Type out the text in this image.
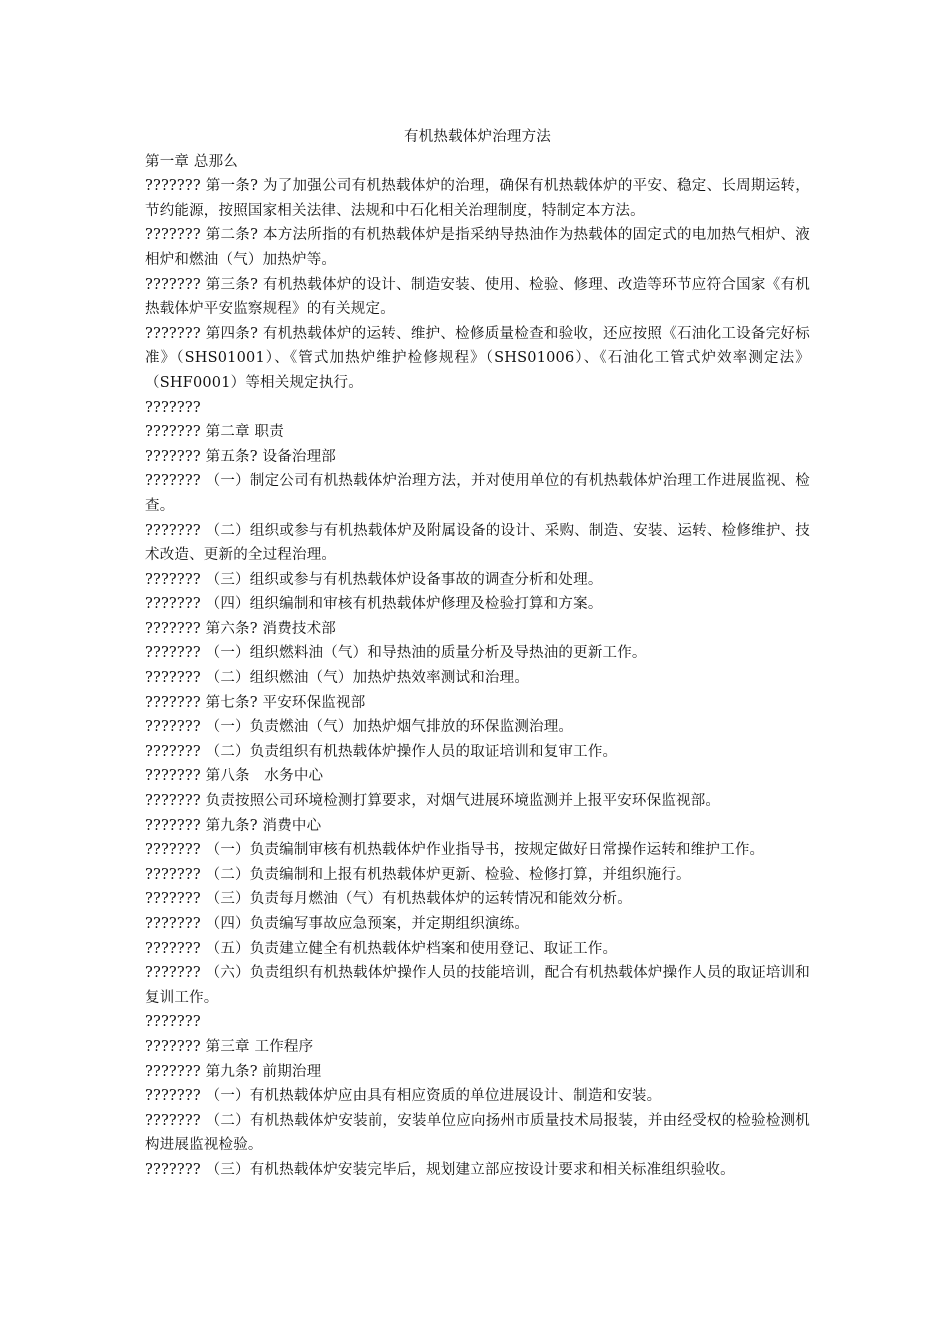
有机热载体炉治理方法

第一章 总那么

??????? 第一条? 为了加强公司有机热载体炉的治理，确保有机热载体炉的平安、稳定、长周期运转，节约能源，按照国家相关法律、法规和中石化相关治理制度，特制定本方法。

??????? 第二条? 本方法所指的有机热载体炉是指采纳导热油作为热载体的固定式的电加热气相炉、液相炉和燃油（气）加热炉等。

??????? 第三条? 有机热载体炉的设计、制造安装、使用、检验、修理、改造等环节应符合国家《有机热载体炉平安监察规程》的有关规定。

??????? 第四条? 有机热载体炉的运转、维护、检修质量检查和验收，还应按照《石油化工设备完好标准》（SHS01001）、《管式加热炉维护检修规程》（SHS01006）、《石油化工管式炉效率测定法》（SHF0001）等相关规定执行。

???????

??????? 第二章 职责

??????? 第五条? 设备治理部

??????? （一）制定公司有机热载体炉治理方法，并对使用单位的有机热载体炉治理工作进展监视、检查。

??????? （二）组织或参与有机热载体炉及附属设备的设计、采购、制造、安装、运转、检修维护、技术改造、更新的全过程治理。

??????? （三）组织或参与有机热载体炉设备事故的调查分析和处理。

??????? （四）组织编制和审核有机热载体炉修理及检验打算和方案。

??????? 第六条? 消费技术部

??????? （一）组织燃料油（气）和导热油的质量分析及导热油的更新工作。

??????? （二）组织燃油（气）加热炉热效率测试和治理。

??????? 第七条? 平安环保监视部

??????? （一）负责燃油（气）加热炉烟气排放的环保监测治理。

??????? （二）负责组织有机热载体炉操作人员的取证培训和复审工作。

??????? 第八条　水务中心

??????? 负责按照公司环境检测打算要求，对烟气进展环境监测并上报平安环保监视部。

??????? 第九条? 消费中心

??????? （一）负责编制审核有机热载体炉作业指导书，按规定做好日常操作运转和维护工作。

??????? （二）负责编制和上报有机热载体炉更新、检验、检修打算，并组织施行。

??????? （三）负责每月燃油（气）有机热载体炉的运转情况和能效分析。

??????? （四）负责编写事故应急预案，并定期组织演练。

??????? （五）负责建立健全有机热载体炉档案和使用登记、取证工作。

??????? （六）负责组织有机热载体炉操作人员的技能培训，配合有机热载体炉操作人员的取证培训和复训工作。

???????

??????? 第三章 工作程序

??????? 第九条? 前期治理

??????? （一）有机热载体炉应由具有相应资质的单位进展设计、制造和安装。

??????? （二）有机热载体炉安装前，安装单位应向扬州市质量技术局报装，并由经受权的检验检测机构进展监视检验。

??????? （三）有机热载体炉安装完毕后，规划建立部应按设计要求和相关标准组织验收。
